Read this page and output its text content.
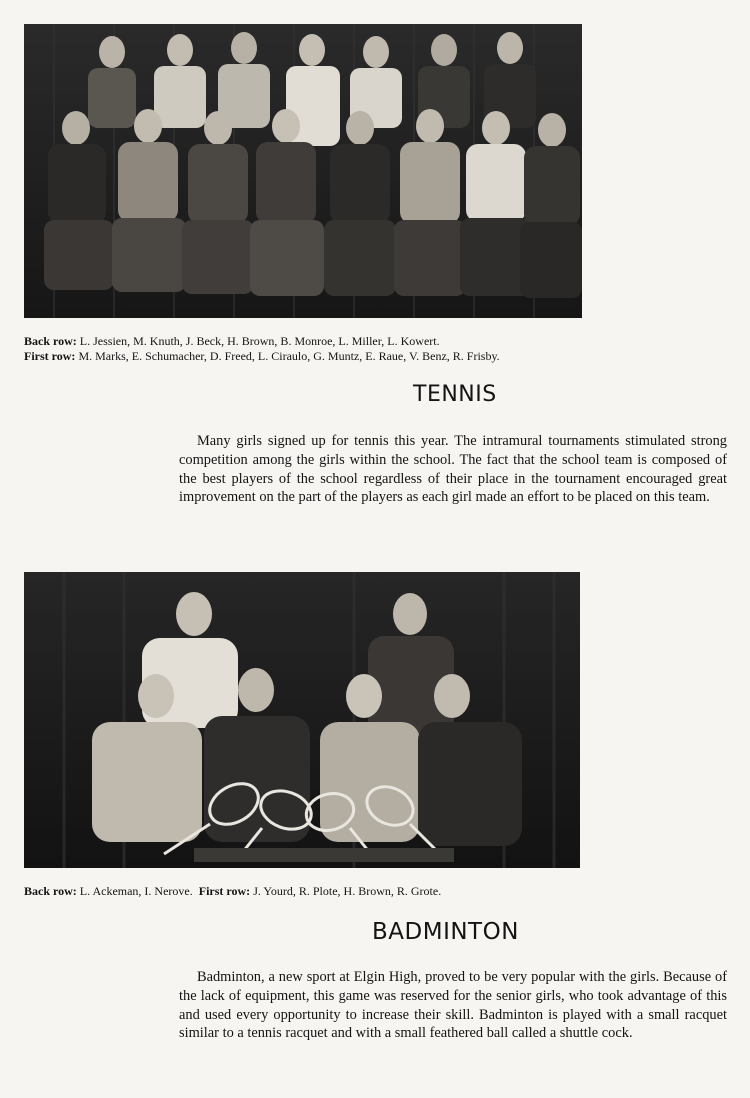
Back row: L. Jessien, M. Knuth, J. Beck, H. Brown, B. Monroe, L. Miller, L. Kowert.
First row: M. Marks, E. Schumacher, D. Freed, L. Ciraulo, G. Muntz, E. Raue, V. Benz, R. Frisby.
TENNIS

Many girls signed up for tennis this year. The intramural tournaments stimulated strong competition among the girls within the school. The fact that the school team is composed of the best players of the school regardless of their place in the tournament encouraged great improvement on the part of the players as each girl made an effort to be placed on this team.

Back row: L. Ackeman, I. Nerove. First row: J. Yourd, R. Plote, H. Brown, R. Grote.
BADMINTON

Badminton, a new sport at Elgin High, proved to be very popular with the girls. Because of the lack of equipment, this game was reserved for the senior girls, who took advantage of this and used every opportunity to increase their skill. Badminton is played with a small racquet similar to a tennis racquet and with a small feathered ball called a shuttle cock.
